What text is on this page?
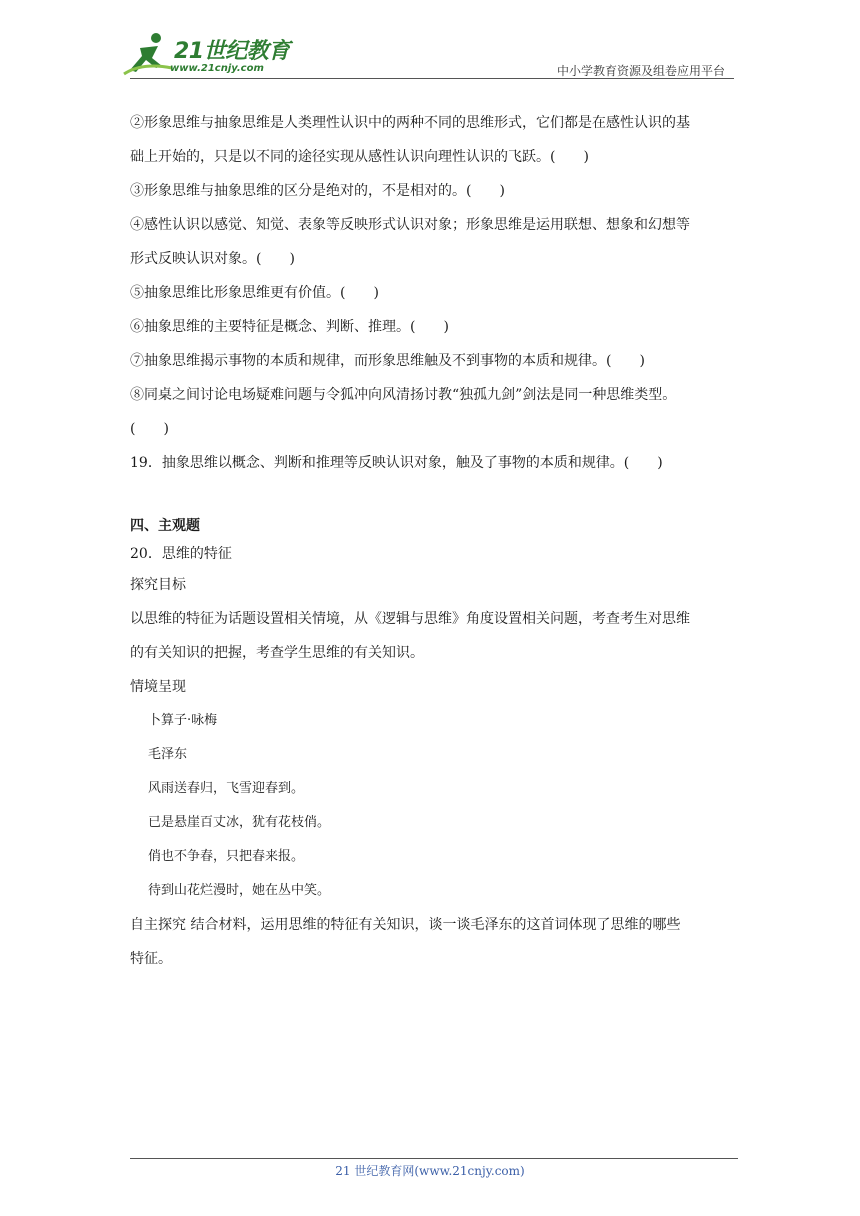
21世纪教育
www.21cnjy.com	中小学教育资源及组卷应用平台
②形象思维与抽象思维是人类理性认识中的两种不同的思维形式，它们都是在感性认识的基
础上开始的，只是以不同的途径实现从感性认识向理性认识的飞跃。(　　)
③形象思维与抽象思维的区分是绝对的，不是相对的。(　　)
④感性认识以感觉、知觉、表象等反映形式认识对象；形象思维是运用联想、想象和幻想等
形式反映认识对象。(　　)
⑤抽象思维比形象思维更有价值。(　　)
⑥抽象思维的主要特征是概念、判断、推理。(　　)
⑦抽象思维揭示事物的本质和规律，而形象思维触及不到事物的本质和规律。(　　)
⑧同桌之间讨论电场疑难问题与令狐冲向风清扬讨教“独孤九剑”剑法是同一种思维类型。
(　　)
19．抽象思维以概念、判断和推理等反映认识对象，触及了事物的本质和规律。(　　)
四、主观题
20．思维的特征
探究目标
以思维的特征为话题设置相关情境，从《逻辑与思维》角度设置相关问题，考查考生对思维
的有关知识的把握，考查学生思维的有关知识。
情境呈现
卜算子·咏梅
毛泽东
风雨送春归，飞雪迎春到。
已是悬崖百丈冰，犹有花枝俏。
俏也不争春，只把春来报。
待到山花烂漫时，她在丛中笑。
自主探究 结合材料，运用思维的特征有关知识，谈一谈毛泽东的这首词体现了思维的哪些
特征。
21 世纪教育网(www.21cnjy.com)
